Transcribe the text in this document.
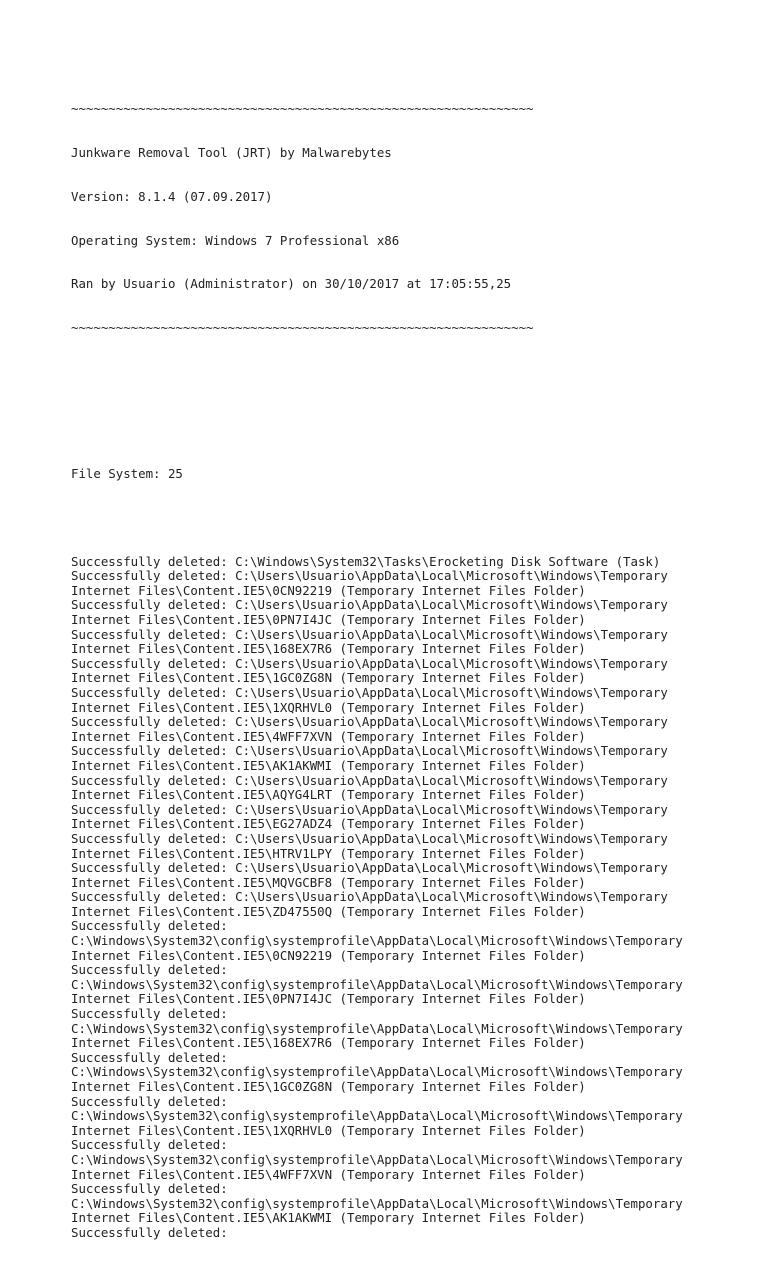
~~~~~~~~~~~~~~~~~~~~~~~~~~~~~~~~~~~~~~~~~~~~~~~~~~~~~~~~~~~~~~

Junkware Removal Tool (JRT) by Malwarebytes

Version: 8.1.4 (07.09.2017)

Operating System: Windows 7 Professional x86

Ran by Usuario (Administrator) on 30/10/2017 at 17:05:55,25

~~~~~~~~~~~~~~~~~~~~~~~~~~~~~~~~~~~~~~~~~~~~~~~~~~~~~~~~~~~~~~

File System: 25

Successfully deleted: C:\Windows\System32\Tasks\Erocketing Disk Software (Task)
Successfully deleted: C:\Users\Usuario\AppData\Local\Microsoft\Windows\Temporary
Internet Files\Content.IE5\0CN92219 (Temporary Internet Files Folder)
Successfully deleted: C:\Users\Usuario\AppData\Local\Microsoft\Windows\Temporary
Internet Files\Content.IE5\0PN7I4JC (Temporary Internet Files Folder)
Successfully deleted: C:\Users\Usuario\AppData\Local\Microsoft\Windows\Temporary
Internet Files\Content.IE5\168EX7R6 (Temporary Internet Files Folder)
Successfully deleted: C:\Users\Usuario\AppData\Local\Microsoft\Windows\Temporary
Internet Files\Content.IE5\1GC0ZG8N (Temporary Internet Files Folder)
Successfully deleted: C:\Users\Usuario\AppData\Local\Microsoft\Windows\Temporary
Internet Files\Content.IE5\1XQRHVL0 (Temporary Internet Files Folder)
Successfully deleted: C:\Users\Usuario\AppData\Local\Microsoft\Windows\Temporary
Internet Files\Content.IE5\4WFF7XVN (Temporary Internet Files Folder)
Successfully deleted: C:\Users\Usuario\AppData\Local\Microsoft\Windows\Temporary
Internet Files\Content.IE5\AK1AKWMI (Temporary Internet Files Folder)
Successfully deleted: C:\Users\Usuario\AppData\Local\Microsoft\Windows\Temporary
Internet Files\Content.IE5\AQYG4LRT (Temporary Internet Files Folder)
Successfully deleted: C:\Users\Usuario\AppData\Local\Microsoft\Windows\Temporary
Internet Files\Content.IE5\EG27ADZ4 (Temporary Internet Files Folder)
Successfully deleted: C:\Users\Usuario\AppData\Local\Microsoft\Windows\Temporary
Internet Files\Content.IE5\HTRV1LPY (Temporary Internet Files Folder)
Successfully deleted: C:\Users\Usuario\AppData\Local\Microsoft\Windows\Temporary
Internet Files\Content.IE5\MQVGCBF8 (Temporary Internet Files Folder)
Successfully deleted: C:\Users\Usuario\AppData\Local\Microsoft\Windows\Temporary
Internet Files\Content.IE5\ZD47550Q (Temporary Internet Files Folder)
Successfully deleted:
C:\Windows\System32\config\systemprofile\AppData\Local\Microsoft\Windows\Temporary
Internet Files\Content.IE5\0CN92219 (Temporary Internet Files Folder)
Successfully deleted:
C:\Windows\System32\config\systemprofile\AppData\Local\Microsoft\Windows\Temporary
Internet Files\Content.IE5\0PN7I4JC (Temporary Internet Files Folder)
Successfully deleted:
C:\Windows\System32\config\systemprofile\AppData\Local\Microsoft\Windows\Temporary
Internet Files\Content.IE5\168EX7R6 (Temporary Internet Files Folder)
Successfully deleted:
C:\Windows\System32\config\systemprofile\AppData\Local\Microsoft\Windows\Temporary
Internet Files\Content.IE5\1GC0ZG8N (Temporary Internet Files Folder)
Successfully deleted:
C:\Windows\System32\config\systemprofile\AppData\Local\Microsoft\Windows\Temporary
Internet Files\Content.IE5\1XQRHVL0 (Temporary Internet Files Folder)
Successfully deleted:
C:\Windows\System32\config\systemprofile\AppData\Local\Microsoft\Windows\Temporary
Internet Files\Content.IE5\4WFF7XVN (Temporary Internet Files Folder)
Successfully deleted:
C:\Windows\System32\config\systemprofile\AppData\Local\Microsoft\Windows\Temporary
Internet Files\Content.IE5\AK1AKWMI (Temporary Internet Files Folder)
Successfully deleted:
